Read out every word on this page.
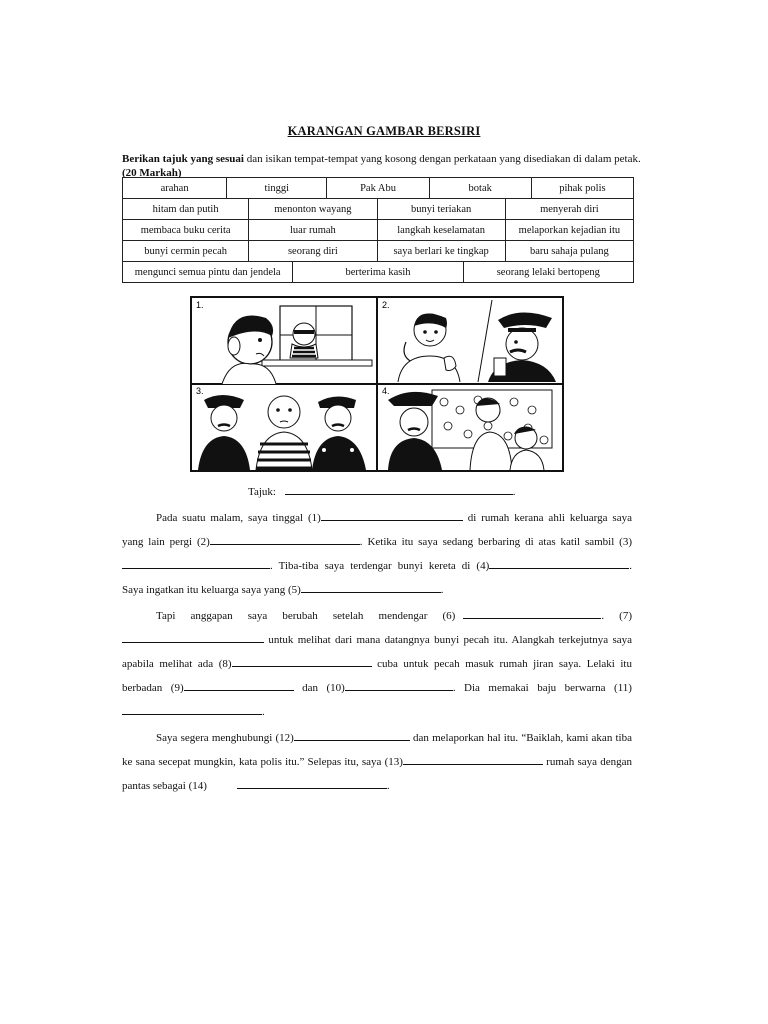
KARANGAN GAMBAR BERSIRI
Berikan tajuk yang sesuai dan isikan tempat-tempat yang kosong dengan perkataan yang disediakan di dalam petak. (20 Markah)
arahan	tinggi	Pak Abu	botak	pihak polis
hitam dan putih	menonton wayang	bunyi teriakan	menyerah diri
membaca buku cerita	luar rumah	langkah keselamatan	melaporkan kejadian itu
bunyi cermin pecah	seorang diri	saya berlari ke tingkap	baru sahaja pulang
mengunci semua pintu dan jendela	berterima kasih	seorang lelaki bertopeng
1.	2.
3.	4.
Tajuk:	.
Pada suatu malam, saya tinggal (1)	di rumah kerana ahli keluarga saya yang lain pergi (2)	. Ketika itu saya sedang berbaring di atas katil sambil (3). Tiba-tiba saya terdengar bunyi kereta di (4)	. Saya ingatkan itu keluarga saya yang (5)	.
Tapi anggapan saya berubah setelah mendengar (6)	. (7) untuk melihat dari mana datangnya bunyi pecah itu. Alangkah terkejutnya saya apabila melihat ada (8)	cuba untuk pecah masuk rumah jiran saya. Lelaki itu berbadan (9)	dan (10)	. Dia memakai baju berwarna (11).
Saya segera menghubungi (12)	dan melaporkan hal itu. “Baiklah, kami akan tiba ke sana secepat mungkin, kata polis itu.” Selepas itu, saya (13)	rumah saya dengan pantas sebagai (14)	.
